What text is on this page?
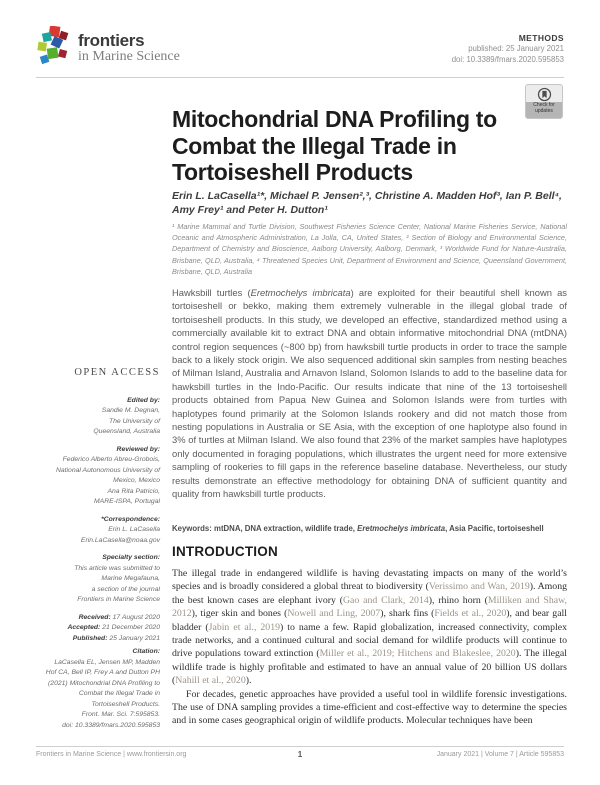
frontiers
in Marine Science
METHODS
published: 25 January 2021
doi: 10.3389/fmars.2020.595853
Check for updates
OPEN ACCESS
Edited by:
Sandie M. Degnan,
The University of
Queensland, Australia
Reviewed by:
Federico Alberto Abreu-Grobois,
National Autonomous University of
Mexico, Mexico
Ana Rita Patricio,
MARE-ISPA, Portugal
*Correspondence:
Erin L. LaCasella
Erin.LaCasella@noaa.gov
Specialty section:
This article was submitted to
Marine Megafauna,
a section of the journal
Frontiers in Marine Science
Received: 17 August 2020
Accepted: 21 December 2020
Published: 25 January 2021
Citation:
LaCasella EL, Jensen MP, Madden
Hof CA, Bell IP, Frey A and Dutton PH
(2021) Mitochondrial DNA Profiling to
Combat the Illegal Trade in
Tortoiseshell Products.
Front. Mar. Sci. 7:595853.
doi: 10.3389/fmars.2020.595853
Mitochondrial DNA Profiling to
Combat the Illegal Trade in
Tortoiseshell Products
Erin L. LaCasella¹*, Michael P. Jensen²,³, Christine A. Madden Hof³, Ian P. Bell⁴,
Amy Frey¹ and Peter H. Dutton¹
¹ Marine Mammal and Turtle Division, Southwest Fisheries Science Center, National Marine Fisheries Service, National Oceanic and Atmospheric Administration, La Jolla, CA, United States, ² Section of Biology and Environmental Science, Department of Chemistry and Bioscience, Aalborg University, Aalborg, Denmark, ³ Worldwide Fund for Nature-Australia, Brisbane, QLD, Australia, ⁴ Threatened Species Unit, Department of Environment and Science, Queensland Government, Brisbane, QLD, Australia

Hawksbill turtles (Eretmochelys imbricata) are exploited for their beautiful shell known as tortoiseshell or bekko, making them extremely vulnerable in the illegal global trade of tortoiseshell products. In this study, we developed an effective, standardized method using a commercially available kit to extract DNA and obtain informative mitochondrial DNA (mtDNA) control region sequences (~800 bp) from hawksbill turtle products in order to trace the sample back to a likely stock origin. We also sequenced additional skin samples from nesting beaches of Milman Island, Australia and Arnavon Island, Solomon Islands to add to the baseline data for hawksbill turtles in the Indo-Pacific. Our results indicate that nine of the 13 tortoiseshell products obtained from Papua New Guinea and Solomon Islands were from turtles with haplotypes found primarily at the Solomon Islands rookery and did not match those from nesting populations in Australia or SE Asia, with the exception of one haplotype also found in 3% of turtles at Milman Island. We also found that 23% of the market samples have haplotypes only documented in foraging populations, which illustrates the urgent need for more extensive sampling of rookeries to fill gaps in the reference baseline database. Nevertheless, our study results demonstrate an effective methodology for obtaining DNA of sufficient quantity and quality from hawksbill turtle products.

Keywords: mtDNA, DNA extraction, wildlife trade, Eretmochelys imbricata, Asia Pacific, tortoiseshell
INTRODUCTION

The illegal trade in endangered wildlife is having devastating impacts on many of the world’s species and is broadly considered a global threat to biodiversity (Verissimo and Wan, 2019). Among the best known cases are elephant ivory (Gao and Clark, 2014), rhino horn (Milliken and Shaw, 2012), tiger skin and bones (Nowell and Ling, 2007), shark fins (Fields et al., 2020), and bear gall bladder (Jabin et al., 2019) to name a few. Rapid globalization, increased connectivity, complex trade networks, and a continued cultural and social demand for wildlife products will continue to drive populations toward extinction (Miller et al., 2019; Hitchens and Blakeslee, 2020). The illegal wildlife trade is highly profitable and estimated to have an annual value of 20 billion US dollars (Nahill et al., 2020).

For decades, genetic approaches have provided a useful tool in wildlife forensic investigations. The use of DNA sampling provides a time-efficient and cost-effective way to determine the species and in some cases geographical origin of wildlife products. Molecular techniques have been

Frontiers in Marine Science | www.frontiersin.org	1	January 2021 | Volume 7 | Article 595853
